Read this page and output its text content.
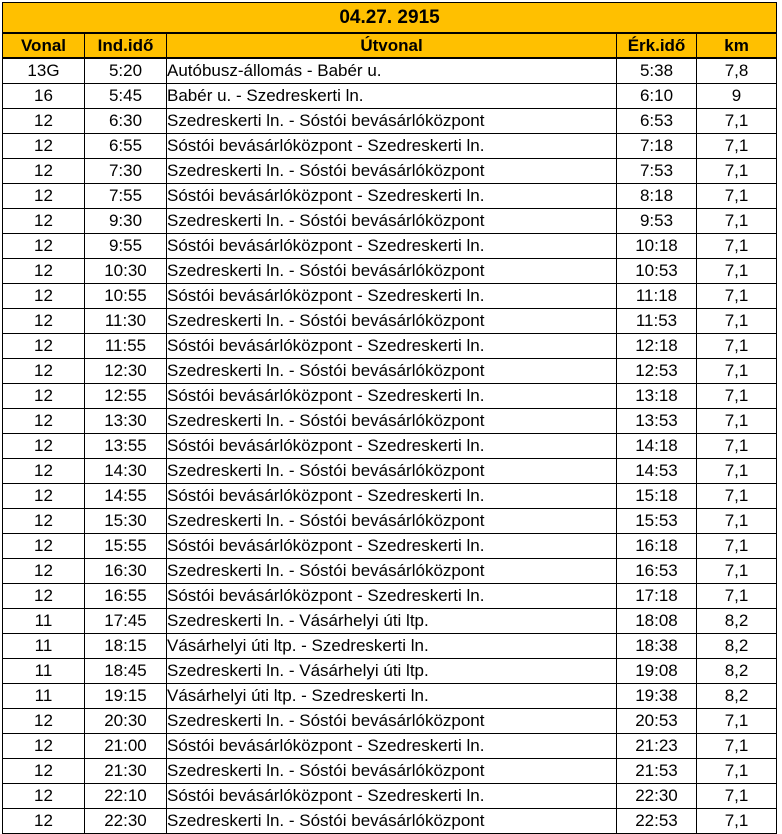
04.27. 2915				
Vonal	Ind.idő	Útvonal	Érk.idő	km
13G	5:20	Autóbusz-állomás - Babér u.	5:38	7,8
16	5:45	Babér u. - Szedreskerti ln.	6:10	9
12	6:30	Szedreskerti ln. - Sóstói bevásárlóközpont	6:53	7,1
12	6:55	Sóstói bevásárlóközpont - Szedreskerti ln.	7:18	7,1
12	7:30	Szedreskerti ln. - Sóstói bevásárlóközpont	7:53	7,1
12	7:55	Sóstói bevásárlóközpont - Szedreskerti ln.	8:18	7,1
12	9:30	Szedreskerti ln. - Sóstói bevásárlóközpont	9:53	7,1
12	9:55	Sóstói bevásárlóközpont - Szedreskerti ln.	10:18	7,1
12	10:30	Szedreskerti ln. - Sóstói bevásárlóközpont	10:53	7,1
12	10:55	Sóstói bevásárlóközpont - Szedreskerti ln.	11:18	7,1
12	11:30	Szedreskerti ln. - Sóstói bevásárlóközpont	11:53	7,1
12	11:55	Sóstói bevásárlóközpont - Szedreskerti ln.	12:18	7,1
12	12:30	Szedreskerti ln. - Sóstói bevásárlóközpont	12:53	7,1
12	12:55	Sóstói bevásárlóközpont - Szedreskerti ln.	13:18	7,1
12	13:30	Szedreskerti ln. - Sóstói bevásárlóközpont	13:53	7,1
12	13:55	Sóstói bevásárlóközpont - Szedreskerti ln.	14:18	7,1
12	14:30	Szedreskerti ln. - Sóstói bevásárlóközpont	14:53	7,1
12	14:55	Sóstói bevásárlóközpont - Szedreskerti ln.	15:18	7,1
12	15:30	Szedreskerti ln. - Sóstói bevásárlóközpont	15:53	7,1
12	15:55	Sóstói bevásárlóközpont - Szedreskerti ln.	16:18	7,1
12	16:30	Szedreskerti ln. - Sóstói bevásárlóközpont	16:53	7,1
12	16:55	Sóstói bevásárlóközpont - Szedreskerti ln.	17:18	7,1
11	17:45	Szedreskerti ln. - Vásárhelyi úti ltp.	18:08	8,2
11	18:15	Vásárhelyi úti ltp. - Szedreskerti ln.	18:38	8,2
11	18:45	Szedreskerti ln. - Vásárhelyi úti ltp.	19:08	8,2
11	19:15	Vásárhelyi úti ltp. - Szedreskerti ln.	19:38	8,2
12	20:30	Szedreskerti ln. - Sóstói bevásárlóközpont	20:53	7,1
12	21:00	Sóstói bevásárlóközpont - Szedreskerti ln.	21:23	7,1
12	21:30	Szedreskerti ln. - Sóstói bevásárlóközpont	21:53	7,1
12	22:10	Sóstói bevásárlóközpont - Szedreskerti ln.	22:30	7,1
12	22:30	Szedreskerti ln. - Sóstói bevásárlóközpont	22:53	7,1
